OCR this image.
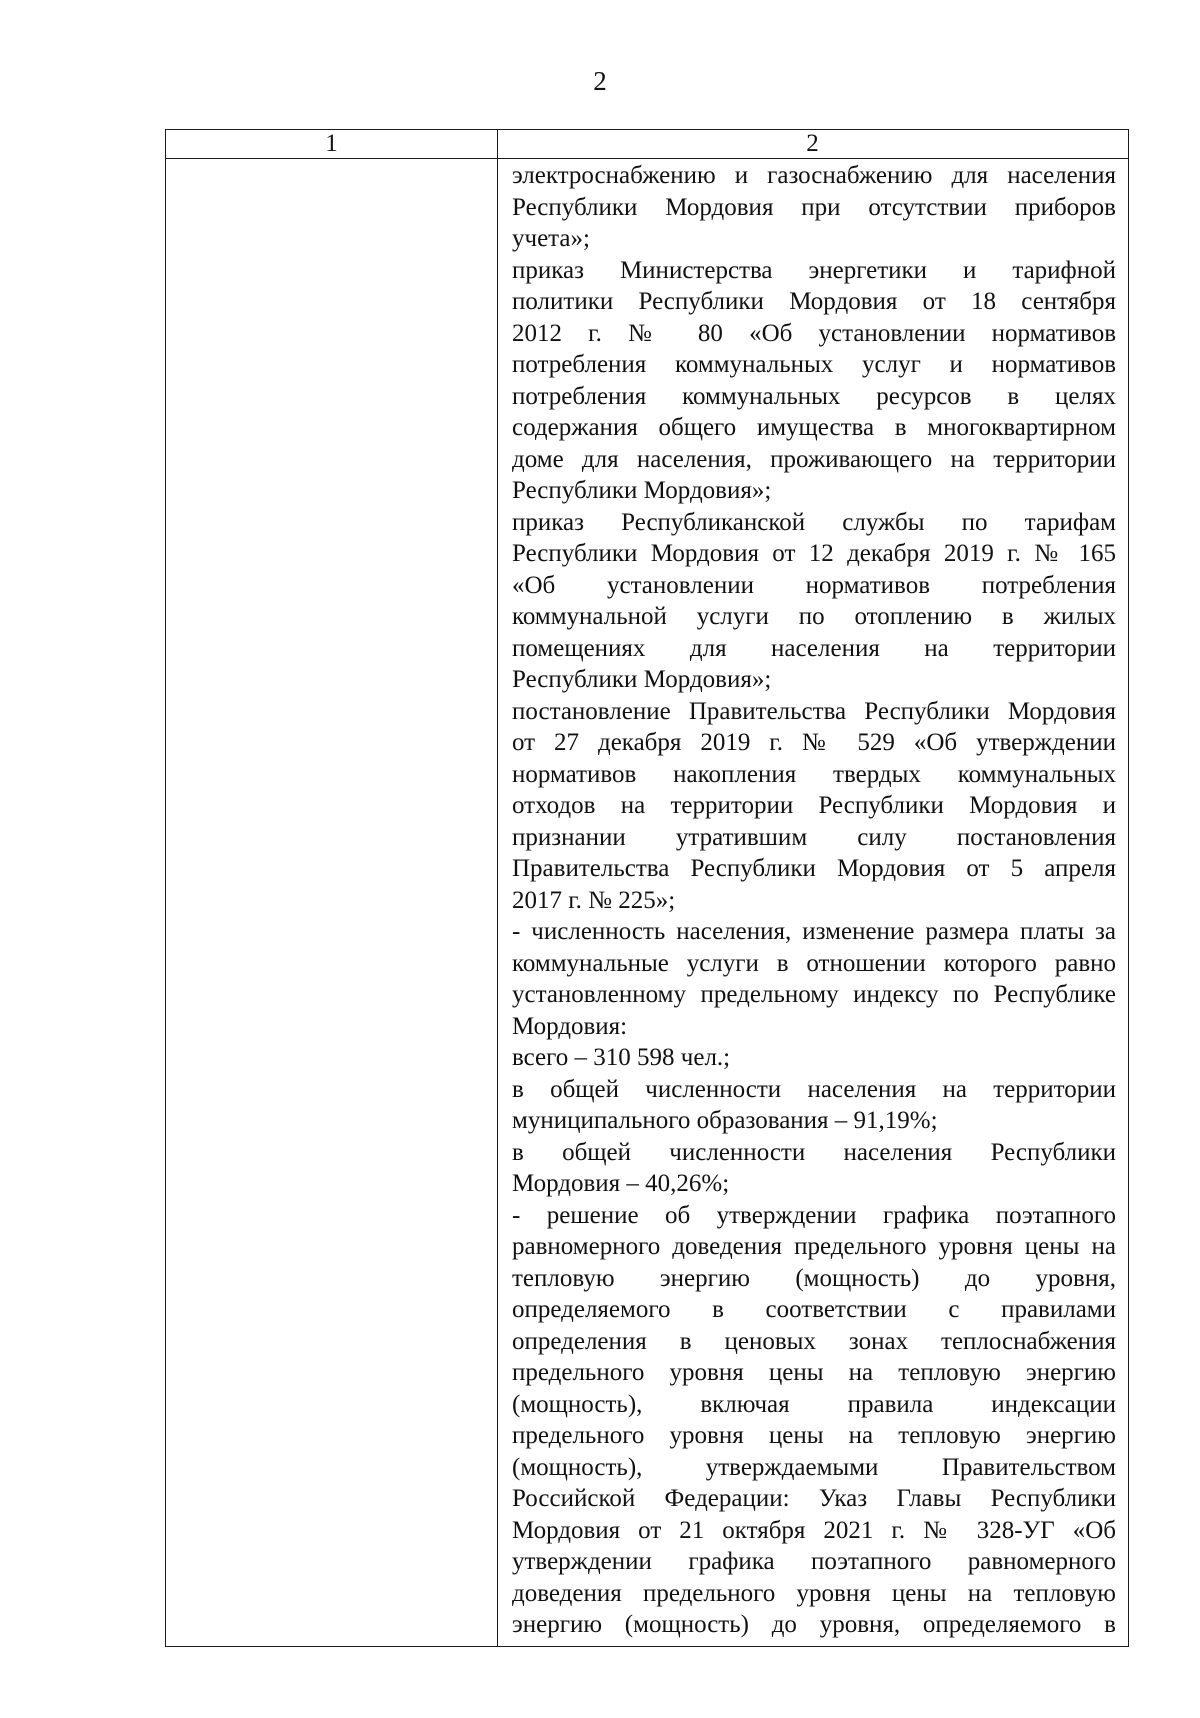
2
1	2
электроснабжению и газоснабжению для населения
Республики Мордовия при отсутствии приборов
учета»;
приказ Министерства энергетики и тарифной
политики Республики Мордовия от 18 сентября
2012 г. № 80 «Об установлении нормативов
потребления коммунальных услуг и нормативов
потребления коммунальных ресурсов в целях
содержания общего имущества в многоквартирном
доме для населения, проживающего на территории
Республики Мордовия»;
приказ Республиканской службы по тарифам
Республики Мордовия от 12 декабря 2019 г. № 165
«Об установлении нормативов потребления
коммунальной услуги по отоплению в жилых
помещениях для населения на территории
Республики Мордовия»;
постановление Правительства Республики Мордовия
от 27 декабря 2019 г. № 529 «Об утверждении
нормативов накопления твердых коммунальных
отходов на территории Республики Мордовия и
признании утратившим силу постановления
Правительства Республики Мордовия от 5 апреля
2017 г. № 225»;
- численность населения, изменение размера платы за
коммунальные услуги в отношении которого равно
установленному предельному индексу по Республике
Мордовия:
всего – 310 598 чел.;
в общей численности населения на территории
муниципального образования – 91,19%;
в общей численности населения Республики
Мордовия – 40,26%;
- решение об утверждении графика поэтапного
равномерного доведения предельного уровня цены на
тепловую энергию (мощность) до уровня,
определяемого в соответствии с правилами
определения в ценовых зонах теплоснабжения
предельного уровня цены на тепловую энергию
(мощность), включая правила индексации
предельного уровня цены на тепловую энергию
(мощность), утверждаемыми Правительством
Российской Федерации: Указ Главы Республики
Мордовия от 21 октября 2021 г. № 328-УГ «Об
утверждении графика поэтапного равномерного
доведения предельного уровня цены на тепловую
энергию (мощность) до уровня, определяемого в
